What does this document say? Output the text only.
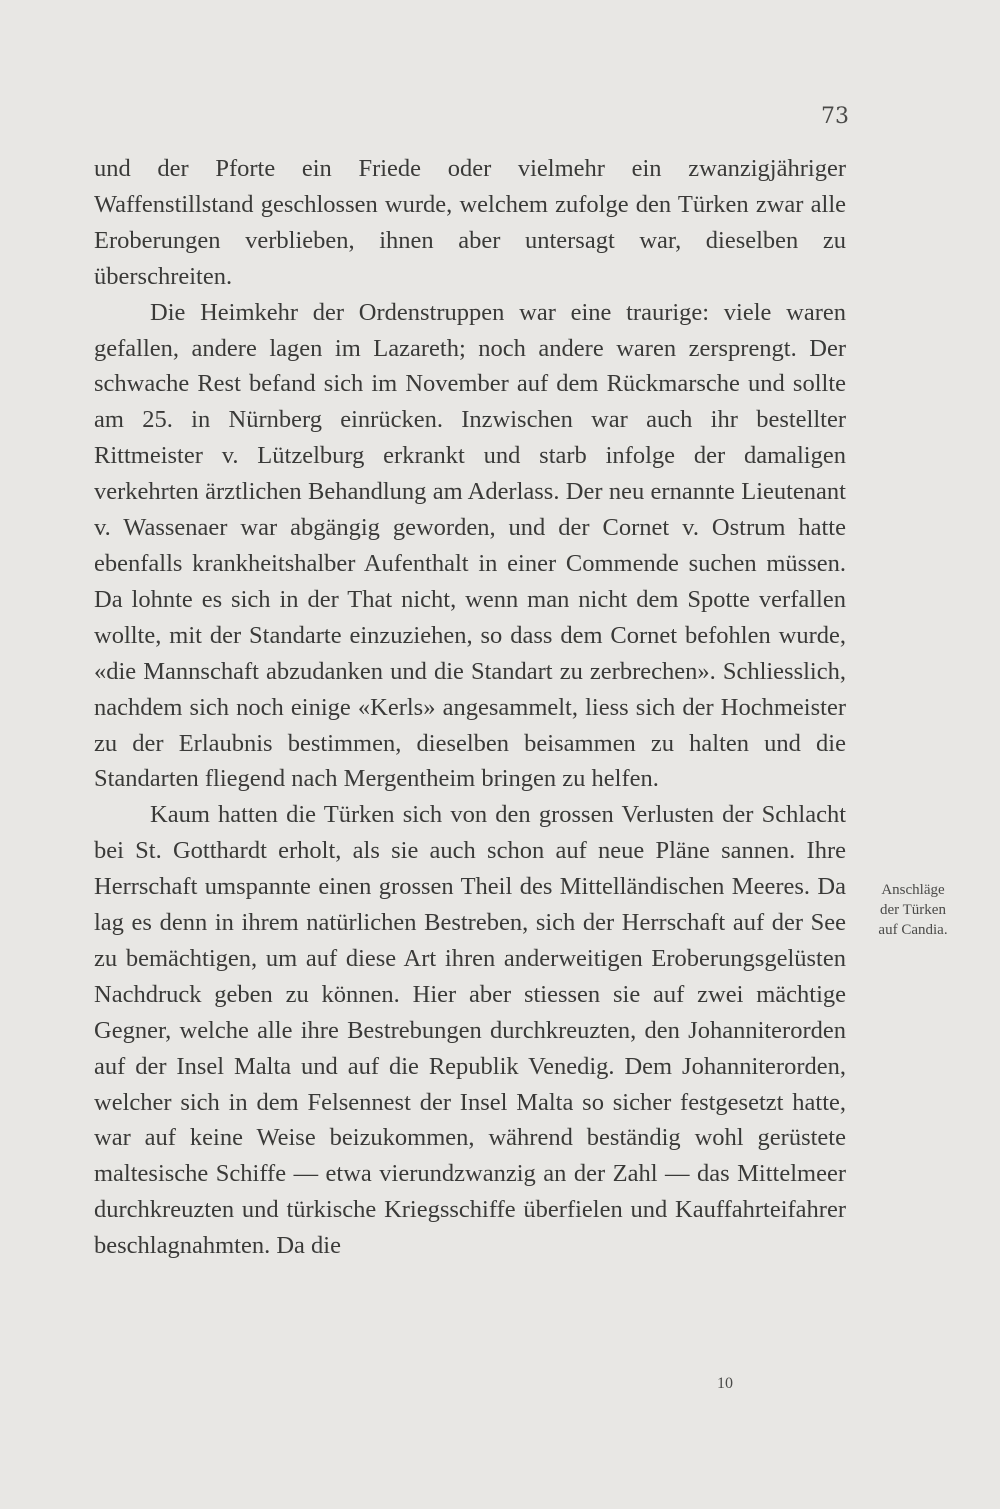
73

und der Pforte ein Friede oder vielmehr ein zwanzigjähriger Waffenstillstand geschlossen wurde, welchem zufolge den Türken zwar alle Eroberungen verblieben, ihnen aber untersagt war, dieselben zu überschreiten.

Die Heimkehr der Ordenstruppen war eine traurige: viele waren gefallen, andere lagen im Lazareth; noch andere waren zersprengt. Der schwache Rest befand sich im November auf dem Rückmarsche und sollte am 25. in Nürnberg einrücken. Inzwischen war auch ihr bestellter Rittmeister v. Lützelburg erkrankt und starb infolge der damaligen verkehrten ärztlichen Behandlung am Aderlass. Der neu ernannte Lieutenant v. Wassenaer war abgängig geworden, und der Cornet v. Ostrum hatte ebenfalls krankheitshalber Aufenthalt in einer Commende suchen müssen. Da lohnte es sich in der That nicht, wenn man nicht dem Spotte verfallen wollte, mit der Standarte einzuziehen, so dass dem Cornet befohlen wurde, «die Mannschaft abzudanken und die Standart zu zerbrechen». Schliesslich, nachdem sich noch einige «Kerls» angesammelt, liess sich der Hochmeister zu der Erlaubnis bestimmen, dieselben beisammen zu halten und die Standarten fliegend nach Mergentheim bringen zu helfen.

Kaum hatten die Türken sich von den grossen Verlusten der Schlacht bei St. Gotthardt erholt, als sie auch schon auf neue Pläne sannen. Ihre Herrschaft umspannte einen grossen Theil des Mittelländischen Meeres. Da lag es denn in ihrem natürlichen Bestreben, sich der Herrschaft auf der See zu bemächtigen, um auf diese Art ihren anderweitigen Eroberungsgelüsten Nachdruck geben zu können. Hier aber stiessen sie auf zwei mächtige Gegner, welche alle ihre Bestrebungen durchkreuzten, den Johanniterorden auf der Insel Malta und auf die Republik Venedig. Dem Johanniterorden, welcher sich in dem Felsennest der Insel Malta so sicher festgesetzt hatte, war auf keine Weise beizukommen, während beständig wohl gerüstete maltesische Schiffe — etwa vierundzwanzig an der Zahl — das Mittelmeer durchkreuzten und türkische Kriegsschiffe überfielen und Kauffahrteifahrer beschlagnahmten. Da die

Anschläge
der Türken
auf Candia.
10
